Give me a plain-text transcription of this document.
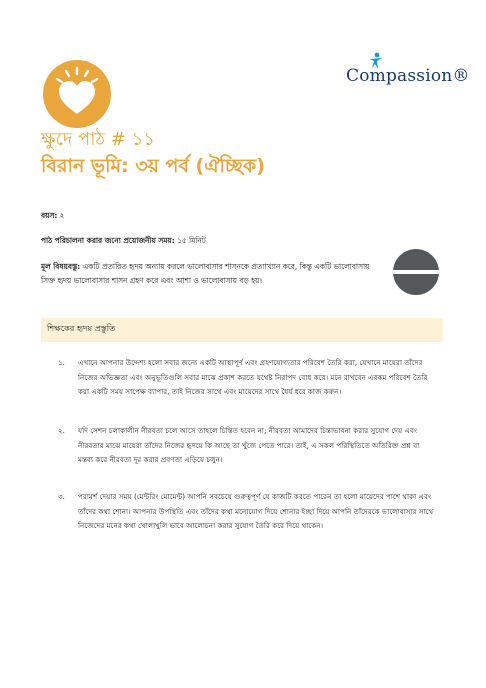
Compassion®
ক্ষুদে পাঠ # ১১
বিরান ভূমি: ৩য় পর্ব (ঐচ্ছিক)
বয়স: ২
পাঠ পরিচালনা করার জন্যে প্রয়োজনীয় সময়: ১৫ মিনিট
মূল বিষয়বস্তু: একটি প্রতারিত হৃদয় অন্যায় করলে ভালোবাসার শাসনকে প্রত্যাখ্যান করে, কিন্তু একটি ভালোবাসায় সিক্ত হৃদয় ভালোবাসার শাসন গ্রহণ করে এবং আশা ও ভালোবাসায় বড় হয়।
শিক্ষকের হৃদয় প্রস্তুতি
১. এখানে আপনার উদ্দেশ্য হলো সবার জন্যে একটি আস্থাপূর্ণ এবং গ্রহণযোগ্যতার পরিবেশ তৈরি করা, যেখানে মায়েরা তাঁদের নিজের অভিজ্ঞতা এবং অনুভূতিগুলি সবার মাঝে প্রকাশ করতে যথেষ্ট নিরাপদ বোধ করে। মনে রাখবেন এরকম পরিবেশ তৈরি করা একটি সময় সাপেক্ষ ব্যাপার, তাই নিজের সাথে এবং মায়েদের সাথে ধৈর্য ধরে কাজ করুন।
২. যদি সেশন চলাকালীন নীরবতা চলে আসে তাহলে চিন্তিত হবেন না; নীরবতা আমাদের চিন্তাভাবনা করার সুযোগ দেয় এবং নীরবতার মাঝে মায়েরা তাঁদের নিজের হৃদয়ে কি আছে তা খুঁজে পেতে পারে। তাই, এ সকল পরিস্থিতিতে অতিরিক্ত প্রশ্ন বা মন্তব্য করে নীরবতা দূর করার প্রবণতা এড়িয়ে চলুন।
৩. পরামর্শ দেয়ার সময় (মেন্টরিং মোমেন্ট) আপনি সবচেয়ে গুরুত্বপূর্ণ যে কাজটি করতে পারেন তা হলো মায়েদের পাশে থাকা এবং তাঁদের কথা শোনা। আপনার উপস্থিতি এবং তাঁদের কথা মনোযোগ দিয়ে শোনার ইচ্ছা দিয়ে আপনি তাঁদেরকে ভালোবাসার সাথে নিজেদের মনের কথা খোলাখুলি ভাবে আলোচনা করার সুযোগ তৈরি করে দিয়ে থাকেন।
